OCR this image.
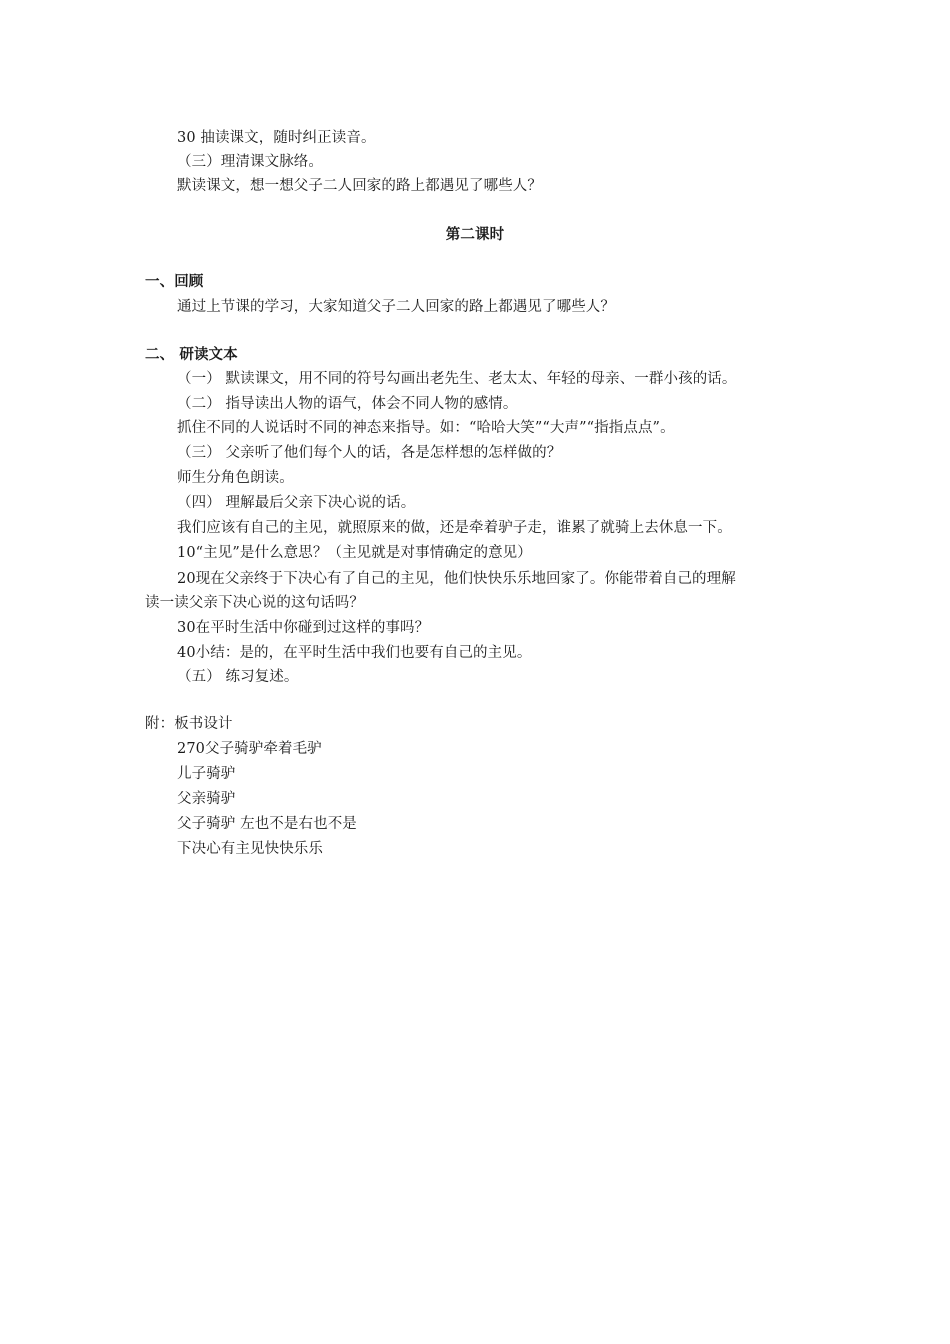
30 抽读课文，随时纠正读音。

（三）理清课文脉络。

默读课文，想一想父子二人回家的路上都遇见了哪些人？

第二课时

一、回顾

通过上节课的学习，大家知道父子二人回家的路上都遇见了哪些人？

二、 研读文本

（一） 默读课文，用不同的符号勾画出老先生、老太太、年轻的母亲、一群小孩的话。

（二） 指导读出人物的语气，体会不同人物的感情。

抓住不同的人说话时不同的神态来指导。如：“哈哈大笑”“大声”“指指点点”。

（三） 父亲听了他们每个人的话，各是怎样想的怎样做的？

师生分角色朗读。

（四） 理解最后父亲下决心说的话。

我们应该有自己的主见，就照原来的做，还是牵着驴子走，谁累了就骑上去休息一下。

10“主见”是什么意思？（主见就是对事情确定的意见）

20现在父亲终于下决心有了自己的主见，他们快快乐乐地回家了。你能带着自己的理解

读一读父亲下决心说的这句话吗？

30在平时生活中你碰到过这样的事吗？

40小结：是的，在平时生活中我们也要有自己的主见。

（五） 练习复述。

附：板书设计

270父子骑驴牵着毛驴

儿子骑驴

父亲骑驴

父子骑驴 左也不是右也不是

下决心有主见快快乐乐
